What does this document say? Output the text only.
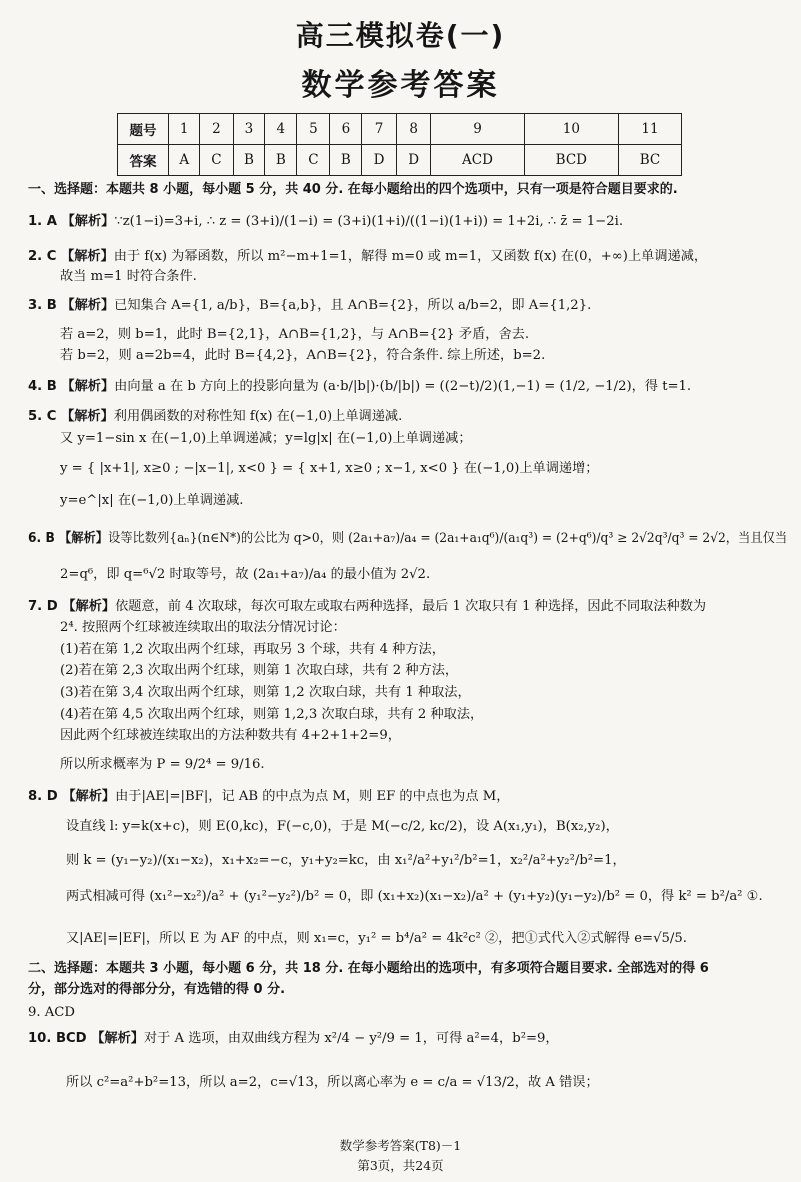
高三模拟卷(一)
数学参考答案
题号	1	2	3	4	5	6	7	8	9	10	11
答案	A	C	B	B	C	B	D	D	ACD	BCD	BC
一、选择题：本题共 8 小题，每小题 5 分，共 40 分. 在每小题给出的四个选项中，只有一项是符合题目要求的.
1. A 【解析】∵z(1−i)=3+i, ∴ z = (3+i)/(1−i) = (3+i)(1+i)/((1−i)(1+i)) = 1+2i, ∴ z̄ = 1−2i.
2. C 【解析】由于 f(x) 为幂函数，所以 m²−m+1=1，解得 m=0 或 m=1，又函数 f(x) 在(0，+∞)上单调递减，
故当 m=1 时符合条件.
3. B 【解析】已知集合 A={1, a/b}，B={a,b}，且 A∩B={2}，所以 a/b=2，即 A={1,2}.
若 a=2，则 b=1，此时 B={2,1}，A∩B={1,2}，与 A∩B={2} 矛盾，舍去.
若 b=2，则 a=2b=4，此时 B={4,2}，A∩B={2}，符合条件. 综上所述，b=2.
4. B 【解析】由向量 a 在 b 方向上的投影向量为 (a·b/|b|)·(b/|b|) = ((2−t)/2)(1,−1) = (1/2, −1/2)，得 t=1.
5. C 【解析】利用偶函数的对称性知 f(x) 在(−1,0)上单调递减.
又 y=1−sin x 在(−1,0)上单调递减；y=lg|x| 在(−1,0)上单调递减；
y = { |x+1|, x≥0 ; −|x−1|, x<0 } = { x+1, x≥0 ; x−1, x<0 } 在(−1,0)上单调递增；
y=e^|x| 在(−1,0)上单调递减.
6. B 【解析】设等比数列{aₙ}(n∈N*)的公比为 q>0，则 (2a₁+a₇)/a₄ = (2a₁+a₁q⁶)/(a₁q³) = (2+q⁶)/q³ ≥ 2√2q³/q³ = 2√2，当且仅当
2=q⁶，即 q=⁶√2 时取等号，故 (2a₁+a₇)/a₄ 的最小值为 2√2.
7. D 【解析】依题意，前 4 次取球，每次可取左或取右两种选择，最后 1 次取只有 1 种选择，因此不同取法种数为
2⁴. 按照两个红球被连续取出的取法分情况讨论：
(1)若在第 1,2 次取出两个红球，再取另 3 个球，共有 4 种方法，
(2)若在第 2,3 次取出两个红球，则第 1 次取白球，共有 2 种方法，
(3)若在第 3,4 次取出两个红球，则第 1,2 次取白球，共有 1 种取法，
(4)若在第 4,5 次取出两个红球，则第 1,2,3 次取白球，共有 2 种取法，
因此两个红球被连续取出的方法种数共有 4+2+1+2=9，
所以所求概率为 P = 9/2⁴ = 9/16.
8. D 【解析】由于|AE|=|BF|，记 AB 的中点为点 M，则 EF 的中点也为点 M，
设直线 l: y=k(x+c)，则 E(0,kc)，F(−c,0)，于是 M(−c/2, kc/2)，设 A(x₁,y₁)，B(x₂,y₂)，
则 k = (y₁−y₂)/(x₁−x₂)，x₁+x₂=−c，y₁+y₂=kc，由 x₁²/a²+y₁²/b²=1，x₂²/a²+y₂²/b²=1，
两式相减可得 (x₁²−x₂²)/a² + (y₁²−y₂²)/b² = 0，即 (x₁+x₂)(x₁−x₂)/a² + (y₁+y₂)(y₁−y₂)/b² = 0，得 k² = b²/a² ①.
又|AE|=|EF|，所以 E 为 AF 的中点，则 x₁=c，y₁² = b⁴/a² = 4k²c² ②，把①式代入②式解得 e=√5/5.
二、选择题：本题共 3 小题，每小题 6 分，共 18 分. 在每小题给出的选项中，有多项符合题目要求. 全部选对的得 6
分，部分选对的得部分分，有选错的得 0 分.
9. ACD
10. BCD 【解析】对于 A 选项，由双曲线方程为 x²/4 − y²/9 = 1，可得 a²=4，b²=9，
所以 c²=a²+b²=13，所以 a=2，c=√13，所以离心率为 e = c/a = √13/2，故 A 错误；
数学参考答案(T8)－1
第3页，共24页
